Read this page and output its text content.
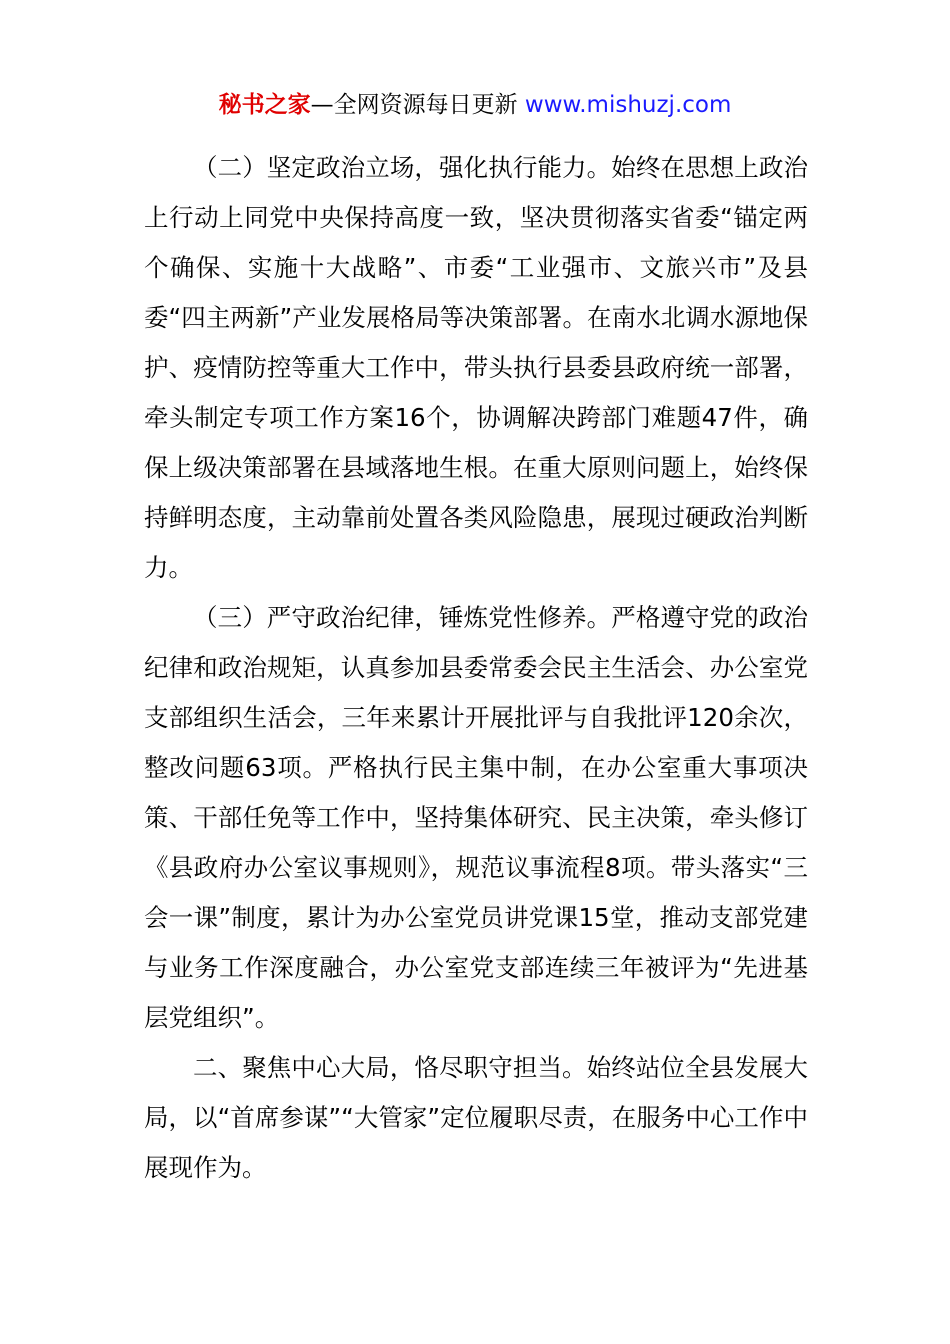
秘书之家—全网资源每日更新 www.mishuzj.com

（二）坚定政治立场，强化执行能力。始终在思想上政治上行动上同党中央保持高度一致，坚决贯彻落实省委“锚定两个确保、实施十大战略”、市委“工业强市、文旅兴市”及县委“四主两新”产业发展格局等决策部署。在南水北调水源地保护、疫情防控等重大工作中，带头执行县委县政府统一部署，牵头制定专项工作方案16个，协调解决跨部门难题47件，确保上级决策部署在县域落地生根。在重大原则问题上，始终保持鲜明态度，主动靠前处置各类风险隐患，展现过硬政治判断力。

（三）严守政治纪律，锤炼党性修养。严格遵守党的政治纪律和政治规矩，认真参加县委常委会民主生活会、办公室党支部组织生活会，三年来累计开展批评与自我批评120余次，整改问题63项。严格执行民主集中制，在办公室重大事项决策、干部任免等工作中，坚持集体研究、民主决策，牵头修订《县政府办公室议事规则》，规范议事流程8项。带头落实“三会一课”制度，累计为办公室党员讲党课15堂，推动支部党建与业务工作深度融合，办公室党支部连续三年被评为“先进基层党组织”。

二、聚焦中心大局，恪尽职守担当。始终站位全县发展大局，以“首席参谋”“大管家”定位履职尽责，在服务中心工作中展现作为。
